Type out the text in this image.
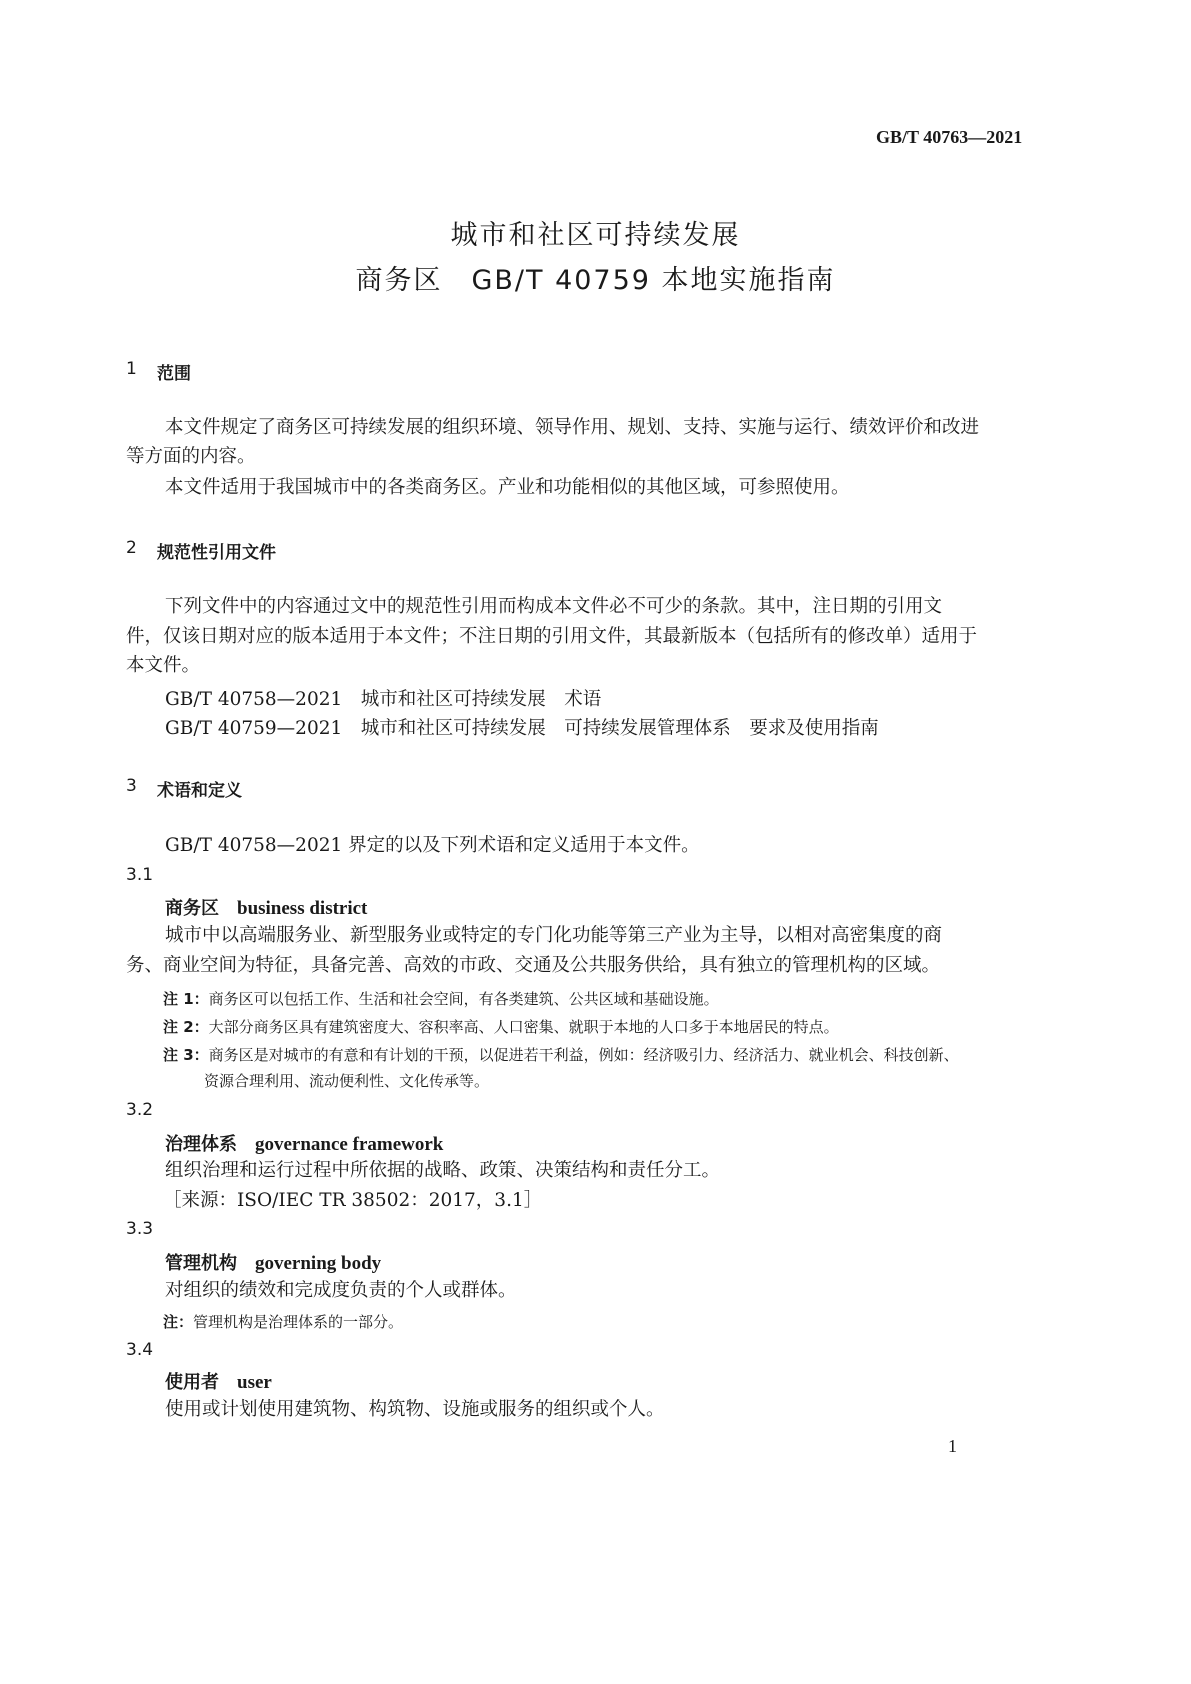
GB/T 40763—2021
城市和社区可持续发展
商务区　GB/T 40759 本地实施指南
1 范围
本文件规定了商务区可持续发展的组织环境、领导作用、规划、支持、实施与运行、绩效评价和改进
等方面的内容。
本文件适用于我国城市中的各类商务区。产业和功能相似的其他区域，可参照使用。
2 规范性引用文件
下列文件中的内容通过文中的规范性引用而构成本文件必不可少的条款。其中，注日期的引用文
件，仅该日期对应的版本适用于本文件；不注日期的引用文件，其最新版本（包括所有的修改单）适用于
本文件。
GB/T 40758—2021　城市和社区可持续发展　术语
GB/T 40759—2021　城市和社区可持续发展　可持续发展管理体系　要求及使用指南
3 术语和定义
GB/T 40758—2021 界定的以及下列术语和定义适用于本文件。
3.1
商务区 business district
城市中以高端服务业、新型服务业或特定的专门化功能等第三产业为主导，以相对高密集度的商
务、商业空间为特征，具备完善、高效的市政、交通及公共服务供给，具有独立的管理机构的区域。
注 1：商务区可以包括工作、生活和社会空间，有各类建筑、公共区域和基础设施。
注 2：大部分商务区具有建筑密度大、容积率高、人口密集、就职于本地的人口多于本地居民的特点。
注 3：商务区是对城市的有意和有计划的干预，以促进若干利益，例如：经济吸引力、经济活力、就业机会、科技创新、
资源合理利用、流动便利性、文化传承等。
3.2
治理体系 governance framework
组织治理和运行过程中所依据的战略、政策、决策结构和责任分工。
［来源：ISO/IEC TR 38502：2017，3.1］
3.3
管理机构 governing body
对组织的绩效和完成度负责的个人或群体。
注：管理机构是治理体系的一部分。
3.4
使用者 user
使用或计划使用建筑物、构筑物、设施或服务的组织或个人。
1
